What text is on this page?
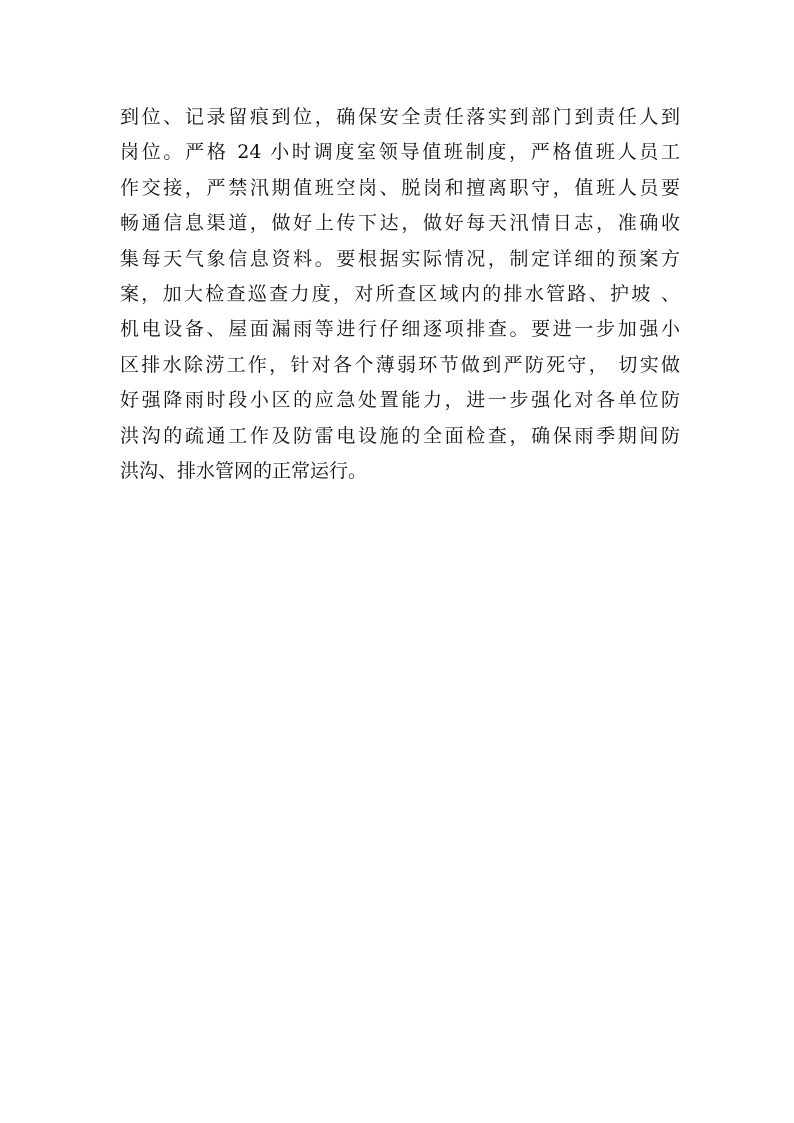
到位、记录留痕到位，确保安全责任落实到部门到责任人到
岗位。严格 24 小时调度室领导值班制度，严格值班人员工
作交接，严禁汛期值班空岗、脱岗和擅离职守，值班人员要
畅通信息渠道，做好上传下达，做好每天汛情日志，准确收
集每天气象信息资料。要根据实际情况，制定详细的预案方
案，加大检查巡查力度，对所查区域内的排水管路、护坡 、
机电设备、屋面漏雨等进行仔细逐项排查。要进一步加强小
区排水除涝工作，针对各个薄弱环节做到严防死守， 切实做
好强降雨时段小区的应急处置能力，进一步强化对各单位防
洪沟的疏通工作及防雷电设施的全面检查，确保雨季期间防
洪沟、排水管网的正常运行。
